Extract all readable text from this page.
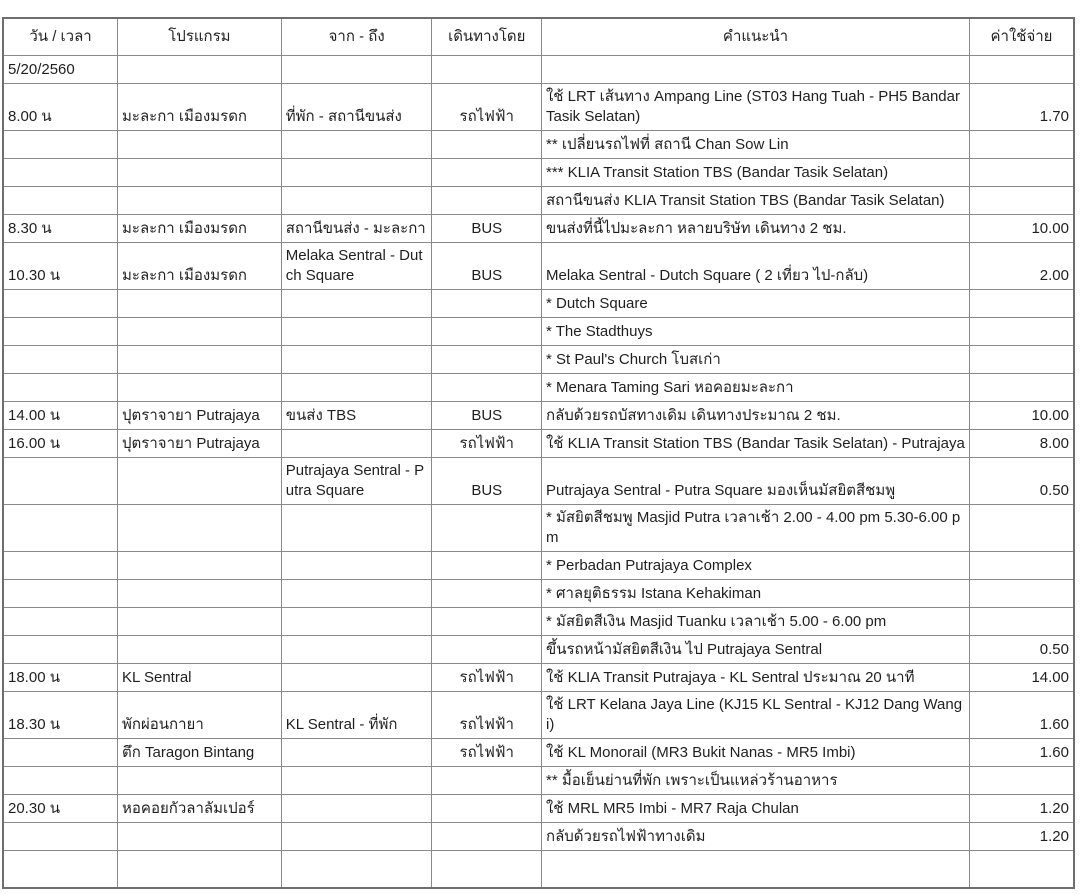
วัน / เวลา	โปรแกรม	จาก - ถึง	เดินทางโดย	คำแนะนำ	ค่าใช้จ่าย
5/20/2560					
8.00 น	มะละกา เมืองมรดก	ที่พัก - สถานีขนส่ง	รถไฟฟ้า	ใช้ LRT เส้นทาง Ampang Line (ST03 Hang Tuah - PH5 Bandar Tasik Selatan)	1.70
				** เปลี่ยนรถไฟที่ สถานี Chan Sow Lin	
				*** KLIA Transit Station TBS (Bandar Tasik Selatan)	
				สถานีขนส่ง KLIA Transit Station TBS (Bandar Tasik Selatan)	
8.30 น	มะละกา เมืองมรดก	สถานีขนส่ง - มะละกา	BUS	ขนส่งที่นี้ไปมะละกา หลายบริษัท เดินทาง 2 ชม.	10.00
10.30 น	มะละกา เมืองมรดก	Melaka Sentral - Dutch Square	BUS	Melaka Sentral - Dutch Square ( 2 เที่ยว ไป-กลับ)	2.00
				* Dutch Square	
				* The Stadthuys	
				* St Paul's Church โบสเก่า	
				* Menara Taming Sari หอคอยมะละกา	
14.00 น	ปุตราจายา Putrajaya	ขนส่ง TBS	BUS	กลับด้วยรถบัสทางเดิม เดินทางประมาณ 2 ชม.	10.00
16.00 น	ปุตราจายา Putrajaya		รถไฟฟ้า	ใช้ KLIA Transit Station TBS (Bandar Tasik Selatan) - Putrajaya	8.00
		Putrajaya Sentral - Putra Square	BUS	Putrajaya Sentral - Putra Square มองเห็นมัสยิตสีชมพู	0.50
				* มัสยิตสีชมพู Masjid Putra เวลาเช้า 2.00 - 4.00 pm 5.30-6.00 pm	
				* Perbadan Putrajaya Complex	
				* ศาลยุติธรรม Istana Kehakiman	
				* มัสยิตสีเงิน Masjid Tuanku เวลาเช้า 5.00 - 6.00 pm	
				ขึ้นรถหน้ามัสยิตสีเงิน ไป Putrajaya Sentral	0.50
18.00 น	KL Sentral		รถไฟฟ้า	ใช้ KLIA Transit Putrajaya - KL Sentral ประมาณ 20 นาที	14.00
18.30 น	พักผ่อนกายา	KL Sentral - ที่พัก	รถไฟฟ้า	ใช้ LRT Kelana Jaya Line (KJ15 KL Sentral - KJ12 Dang Wangi)	1.60
	ตึก Taragon Bintang		รถไฟฟ้า	ใช้ KL Monorail (MR3 Bukit Nanas - MR5 Imbi)	1.60
				** มื้อเย็นย่านที่พัก เพราะเป็นแหล่วร้านอาหาร	
20.30 น	หอคอยกัวลาลัมเปอร์			ใช้ MRL MR5 Imbi - MR7 Raja Chulan	1.20
				กลับด้วยรถไฟฟ้าทางเดิม	1.20
